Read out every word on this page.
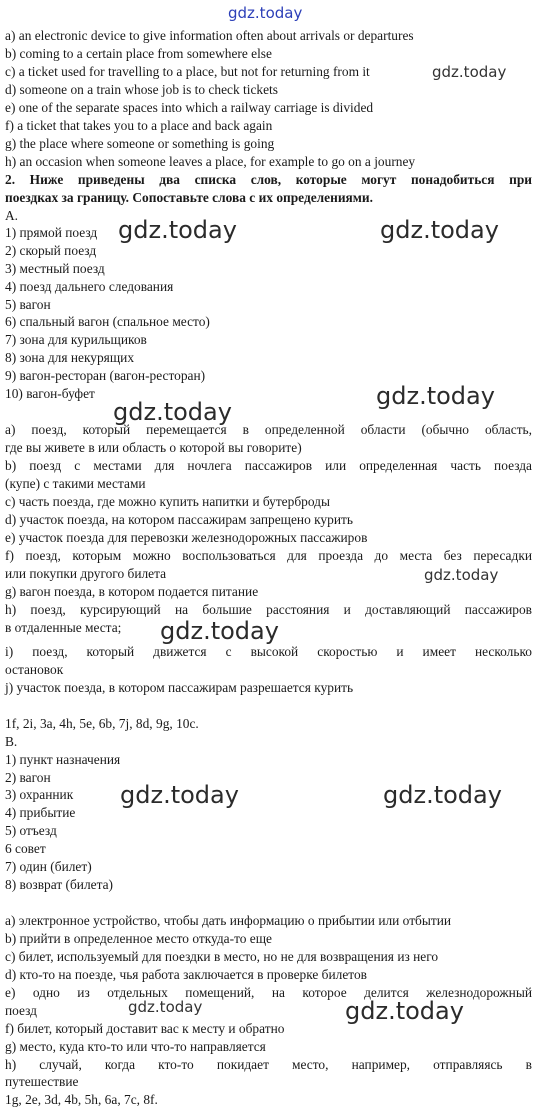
a) an electronic device to give information often about arrivals or departures
b) coming to a certain place from somewhere else
c) a ticket used for travelling to a place, but not for returning from it
d) someone on a train whose job is to check tickets
e) one of the separate spaces into which a railway carriage is divided
f) a ticket that takes you to a place and back again
g) the place where someone or something is going
h) an occasion when someone leaves a place, for example to go on a journey
2. Ниже приведены два списка слов, которые могут понадобиться при
поездках за границу. Сопоставьте слова с их определениями.
A.
1) прямой поезд
2) скорый поезд
3) местный поезд
4) поезд дальнего следования
5) вагон
6) спальный вагон (спальное место)
7) зона для курильщиков
8) зона для некурящих
9) вагон-ресторан (вагон-ресторан)
10) вагон-буфет
a) поезд, который перемещается в определенной области (обычно область,
где вы живете в или область о которой вы говорите)
b) поезд с местами для ночлега пассажиров или определенная часть поезда
(купе) с такими местами
c) часть поезда, где можно купить напитки и бутерброды
d) участок поезда, на котором пассажирам запрещено курить
e) участок поезда для перевозки железнодорожных пассажиров
f) поезд, которым можно воспользоваться для проезда до места без пересадки
или покупки другого билета
g) вагон поезда, в котором подается питание
h) поезд, курсирующий на большие расстояния и доставляющий пассажиров
в отдаленные места;
i) поезд, который движется с высокой скоростью и имеет несколько
остановок
j) участок поезда, в котором пассажирам разрешается курить
1f, 2i, 3a, 4h, 5e, 6b, 7j, 8d, 9g, 10c.
B.
1) пункт назначения
2) вагон
3) охранник
4) прибытие
5) отъезд
6 совет
7) один (билет)
8) возврат (билета)
a) электронное устройство, чтобы дать информацию о прибытии или отбытии
b) прийти в определенное место откуда-то еще
c) билет, используемый для поездки в место, но не для возвращения из него
d) кто-то на поезде, чья работа заключается в проверке билетов
e) одно из отдельных помещений, на которое делится железнодорожный
поезд
f) билет, который доставит вас к месту и обратно
g) место, куда кто-то или что-то направляется
h) случай, когда кто-то покидает место, например, отправляясь в
путешествие
1g, 2e, 3d, 4b, 5h, 6a, 7c, 8f.
gdz.today
gdz.today
gdz.today	gdz.today
gdz.today
gdz.today
gdz.today
gdz.today
gdz.today	gdz.today
gdz.today	gdz.today
